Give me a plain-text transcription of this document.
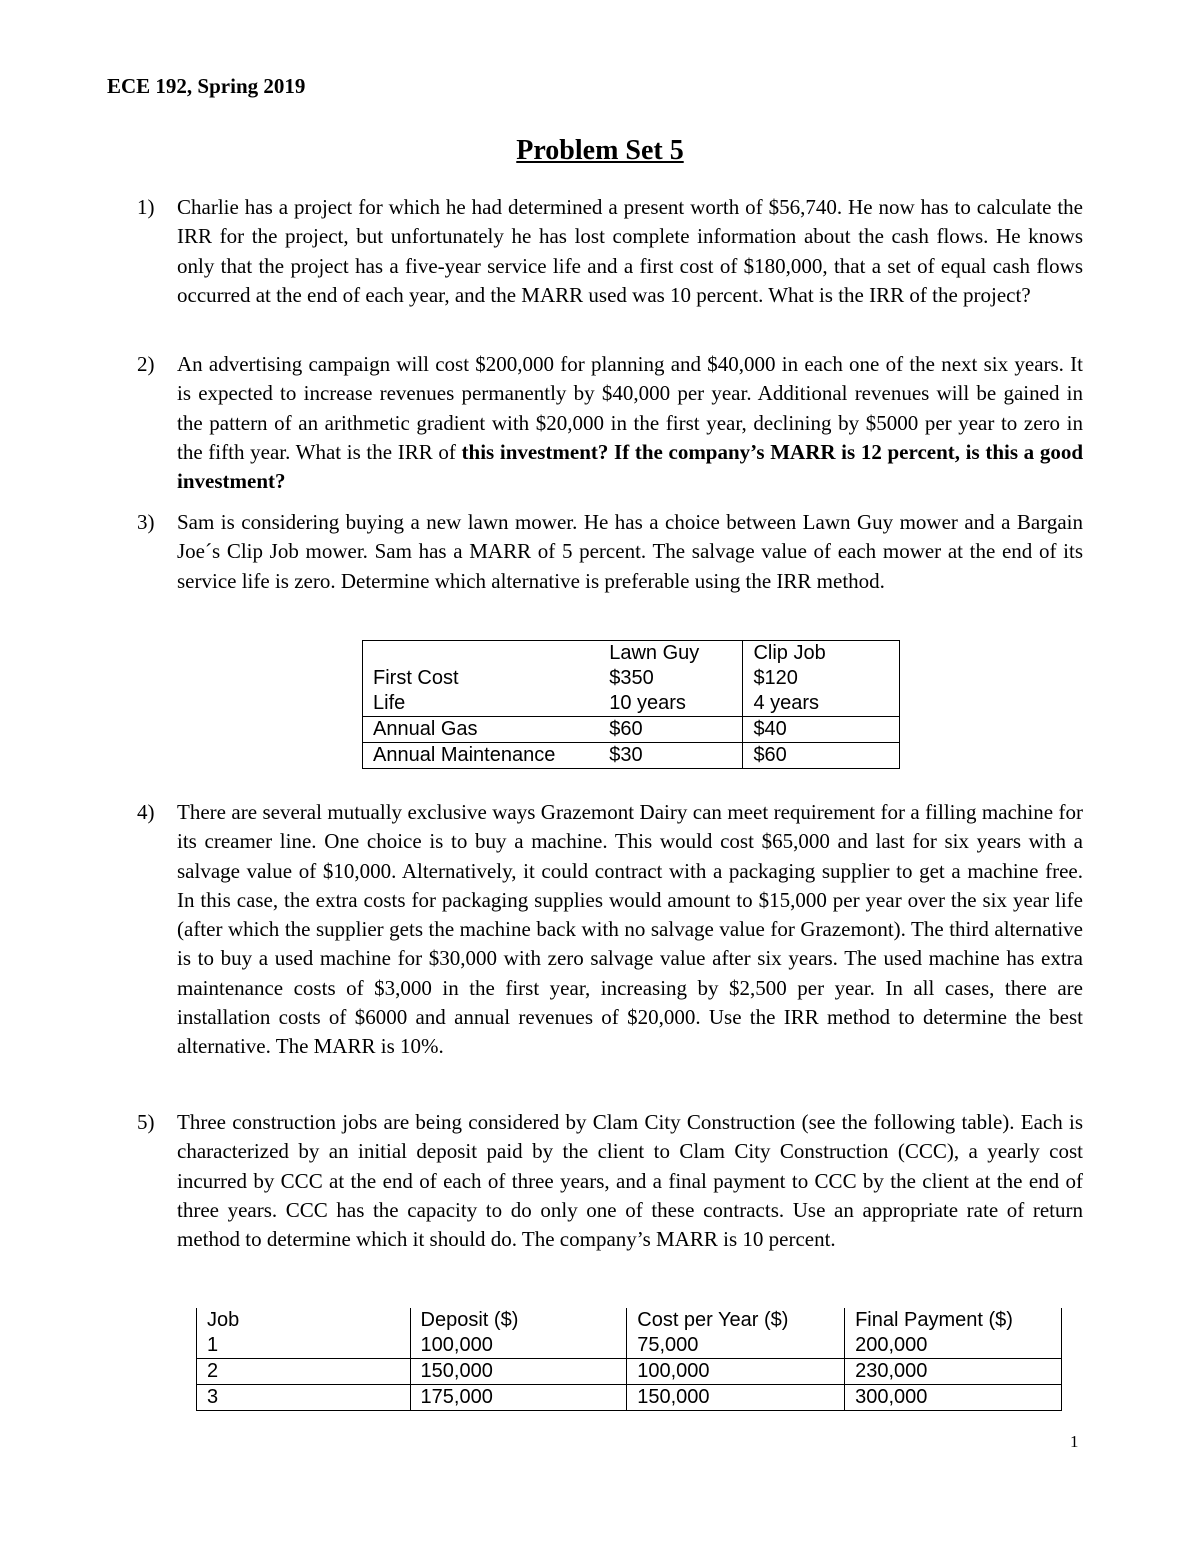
ECE 192, Spring 2019
Problem Set 5
1) Charlie has a project for which he had determined a present worth of $56,740. He now has to calculate the IRR for the project, but unfortunately he has lost complete information about the cash flows. He knows only that the project has a five-year service life and a first cost of $180,000, that a set of equal cash flows occurred at the end of each year, and the MARR used was 10 percent. What is the IRR of the project?

2) An advertising campaign will cost $200,000 for planning and $40,000 in each one of the next six years. It is expected to increase revenues permanently by $40,000 per year. Additional revenues will be gained in the pattern of an arithmetic gradient with $20,000 in the first year, declining by $5000 per year to zero in the fifth year. What is the IRR of this investment? If the company’s MARR is 12 percent, is this a good investment?

3) Sam is considering buying a new lawn mower. He has a choice between Lawn Guy mower and a Bargain Joe´s Clip Job mower. Sam has a MARR of 5 percent. The salvage value of each mower at the end of its service life is zero. Determine which alternative is preferable using the IRR method.

	Lawn Guy	Clip Job
First Cost	$350	$120
Life	10 years	4 years
Annual Gas	$60	$40
Annual Maintenance	$30	$60
4) There are several mutually exclusive ways Grazemont Dairy can meet requirement for a filling machine for its creamer line. One choice is to buy a machine. This would cost $65,000 and last for six years with a salvage value of $10,000. Alternatively, it could contract with a packaging supplier to get a machine free. In this case, the extra costs for packaging supplies would amount to $15,000 per year over the six year life (after which the supplier gets the machine back with no salvage value for Grazemont). The third alternative is to buy a used machine for $30,000 with zero salvage value after six years. The used machine has extra maintenance costs of $3,000 in the first year, increasing by $2,500 per year. In all cases, there are installation costs of $6000 and annual revenues of $20,000. Use the IRR method to determine the best alternative. The MARR is 10%.

5) Three construction jobs are being considered by Clam City Construction (see the following table). Each is characterized by an initial deposit paid by the client to Clam City Construction (CCC), a yearly cost incurred by CCC at the end of each of three years, and a final payment to CCC by the client at the end of three years. CCC has the capacity to do only one of these contracts. Use an appropriate rate of return method to determine which it should do. The company’s MARR is 10 percent.

Job	Deposit ($)	Cost per Year ($)	Final Payment ($)
1	100,000	75,000	200,000
2	150,000	100,000	230,000
3	175,000	150,000	300,000
1
